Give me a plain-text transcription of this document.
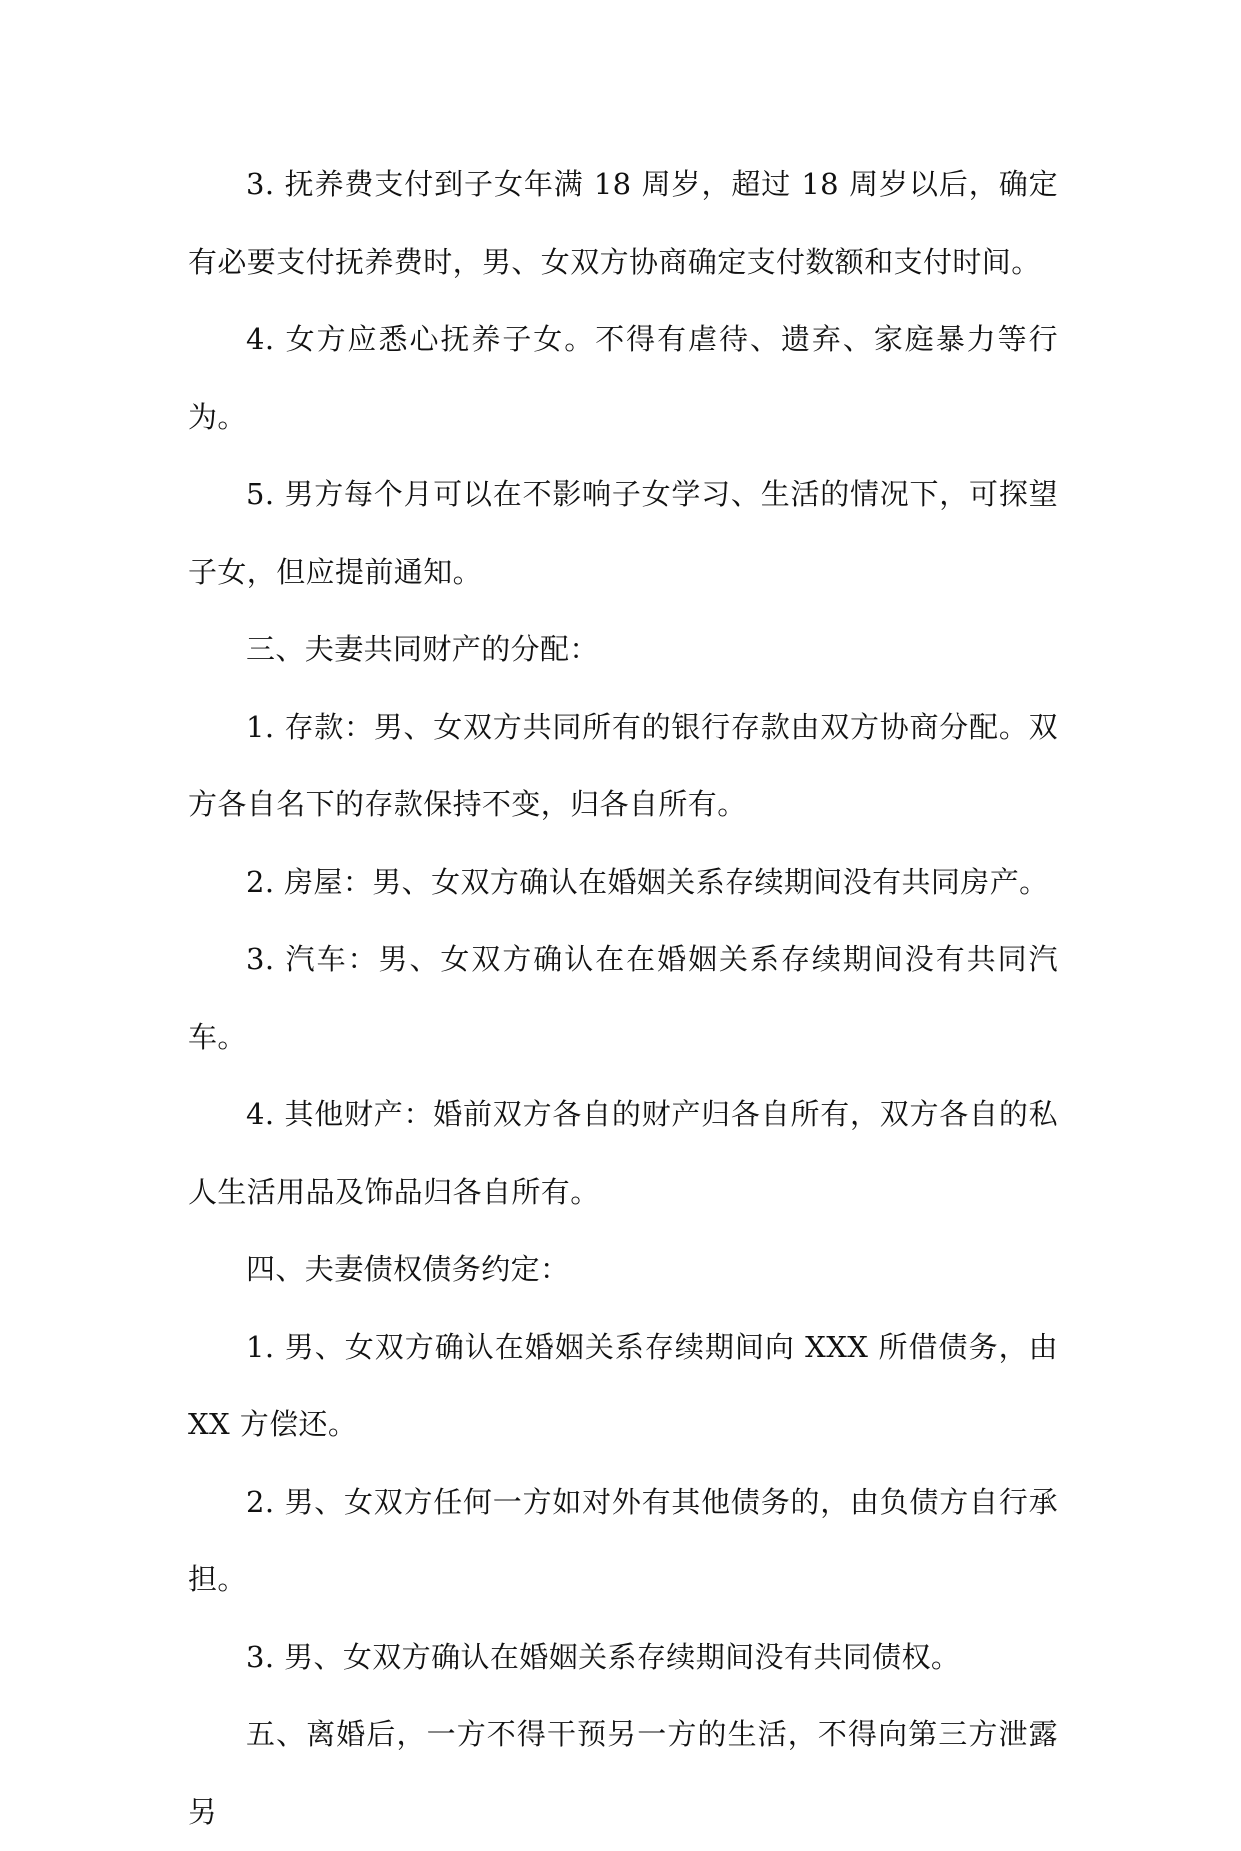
3. 抚养费支付到子女年满 18 周岁，超过 18 周岁以后，确定有必要支付抚养费时，男、女双方协商确定支付数额和支付时间。

4. 女方应悉心抚养子女。不得有虐待、遗弃、家庭暴力等行为。

5. 男方每个月可以在不影响子女学习、生活的情况下，可探望子女，但应提前通知。

三、夫妻共同财产的分配：

1. 存款：男、女双方共同所有的银行存款由双方协商分配。双方各自名下的存款保持不变，归各自所有。

2. 房屋：男、女双方确认在婚姻关系存续期间没有共同房产。

3. 汽车：男、女双方确认在在婚姻关系存续期间没有共同汽车。

4. 其他财产：婚前双方各自的财产归各自所有，双方各自的私人生活用品及饰品归各自所有。

四、夫妻债权债务约定：

1. 男、女双方确认在婚姻关系存续期间向 XXX 所借债务，由 XX 方偿还。

2. 男、女双方任何一方如对外有其他债务的，由负债方自行承担。

3. 男、女双方确认在婚姻关系存续期间没有共同债权。

五、离婚后，一方不得干预另一方的生活，不得向第三方泄露另
